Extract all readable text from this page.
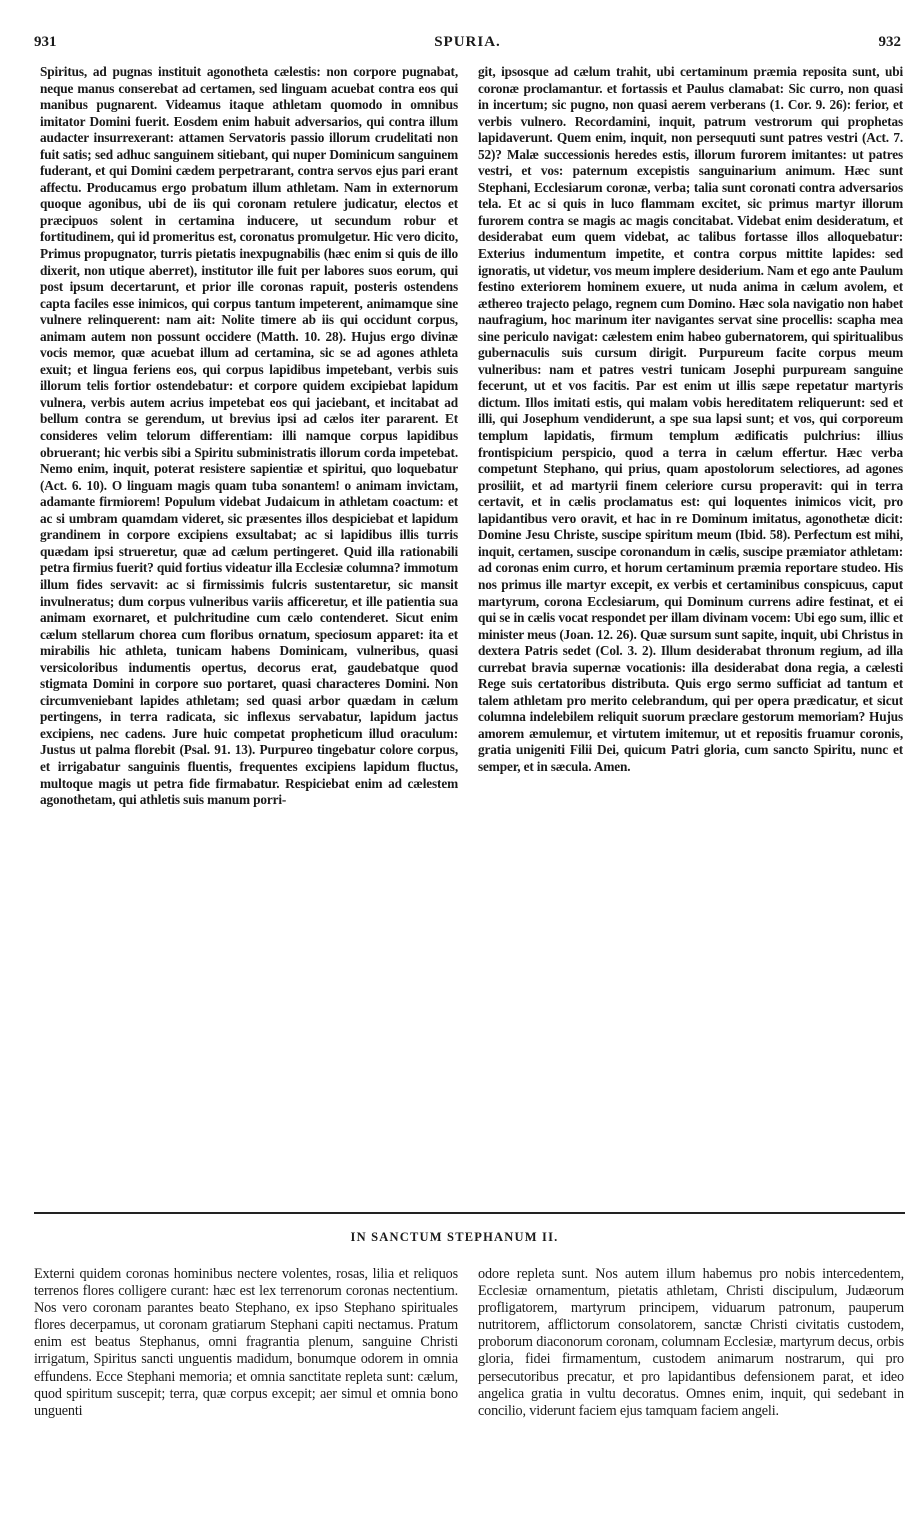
931	SPURIA.	932

Spiritus, ad pugnas instituit agonotheta cælestis: non corpore pugnabat, neque manus conserebat ad certamen, sed linguam acuebat contra eos qui manibus pugnarent. Videamus itaque athletam quomodo in omnibus imitator Domini fuerit. Eosdem enim habuit adversarios, qui contra illum audacter insurrexerant: attamen Servatoris passio illorum crudelitati non fuit satis; sed adhuc sanguinem sitiebant, qui nuper Dominicum sanguinem fuderant, et qui Domini cædem perpetrarant, contra servos ejus pari erant affectu. Producamus ergo probatum illum athletam. Nam in externorum quoque agonibus, ubi de iis qui coronam retulere judicatur, electos et præcipuos solent in certamina inducere, ut secundum robur et fortitudinem, qui id promeritus est, coronatus promulgetur. Hic vero dicito, Primus propugnator, turris pietatis inexpugnabilis (hæc enim si quis de illo dixerit, non utique aberret), institutor ille fuit per labores suos eorum, qui post ipsum decertarunt, et prior ille coronas rapuit, posteris ostendens capta faciles esse inimicos, qui corpus tantum impeterent, animamque sine vulnere relinquerent: nam ait: Nolite timere ab iis qui occidunt corpus, animam autem non possunt occidere (Matth. 10. 28). Hujus ergo divinæ vocis memor, quæ acuebat illum ad certamina, sic se ad agones athleta exuit; et lingua feriens eos, qui corpus lapidibus impetebant, verbis suis illorum telis fortior ostendebatur: et corpore quidem excipiebat lapidum vulnera, verbis autem acrius impetebat eos qui jaciebant, et incitabat ad bellum contra se gerendum, ut brevius ipsi ad cælos iter pararent. Et consideres velim telorum differentiam: illi namque corpus lapidibus obruerant; hic verbis sibi a Spiritu subministratis illorum corda impetebat. Nemo enim, inquit, poterat resistere sapientiæ et spiritui, quo loquebatur (Act. 6. 10). O linguam magis quam tuba sonantem! o animam invictam, adamante firmiorem! Populum videbat Judaicum in athletam coactum: et ac si umbram quamdam videret, sic præsentes illos despiciebat et lapidum grandinem in corpore excipiens exsultabat; ac si lapidibus illis turris quædam ipsi strueretur, quæ ad cælum pertingeret. Quid illa rationabili petra firmius fuerit? quid fortius videatur illa Ecclesiæ columna? immotum illum fides servavit: ac si firmissimis fulcris sustentaretur, sic mansit invulneratus; dum corpus vulneribus variis afficeretur, et ille patientia sua animam exornaret, et pulchritudine cum cælo contenderet. Sicut enim cælum stellarum chorea cum floribus ornatum, speciosum apparet: ita et mirabilis hic athleta, tunicam habens Dominicam, vulneribus, quasi versicoloribus indumentis opertus, decorus erat, gaudebatque quod stigmata Domini in corpore suo portaret, quasi characteres Domini. Non circumveniebant lapides athletam; sed quasi arbor quædam in cælum pertingens, in terra radicata, sic inflexus servabatur, lapidum jactus excipiens, nec cadens. Jure huic competat propheticum illud oraculum: Justus ut palma florebit (Psal. 91. 13). Purpureo tingebatur colore corpus, et irrigabatur sanguinis fluentis, frequentes excipiens lapidum fluctus, multoque magis ut petra fide firmabatur. Respiciebat enim ad cælestem agonothetam, qui athletis suis manum porri-

git, ipsosque ad cælum trahit, ubi certaminum præmia reposita sunt, ubi coronæ proclamantur. et fortassis et Paulus clamabat: Sic curro, non quasi in incertum; sic pugno, non quasi aerem verberans (1. Cor. 9. 26): ferior, et verbis vulnero. Recordamini, inquit, patrum vestrorum qui prophetas lapidaverunt. Quem enim, inquit, non persequuti sunt patres vestri (Act. 7. 52)? Malæ successionis heredes estis, illorum furorem imitantes: ut patres vestri, et vos: paternum excepistis sanguinarium animum. Hæc sunt Stephani, Ecclesiarum coronæ, verba; talia sunt coronati contra adversarios tela. Et ac si quis in luco flammam excitet, sic primus martyr illorum furorem contra se magis ac magis concitabat. Videbat enim desideratum, et desiderabat eum quem videbat, ac talibus fortasse illos alloquebatur: Exterius indumentum impetite, et contra corpus mittite lapides: sed ignoratis, ut videtur, vos meum implere desiderium. Nam et ego ante Paulum festino exteriorem hominem exuere, ut nuda anima in cælum avolem, et æthereo trajecto pelago, regnem cum Domino. Hæc sola navigatio non habet naufragium, hoc marinum iter navigantes servat sine procellis: scapha mea sine periculo navigat: cælestem enim habeo gubernatorem, qui spiritualibus gubernaculis suis cursum dirigit. Purpureum facite corpus meum vulneribus: nam et patres vestri tunicam Josephi purpuream sanguine fecerunt, ut et vos facitis. Par est enim ut illis sæpe repetatur martyris dictum. Illos imitati estis, qui malam vobis hereditatem reliquerunt: sed et illi, qui Josephum vendiderunt, a spe sua lapsi sunt; et vos, qui corporeum templum lapidatis, firmum templum ædificatis pulchrius: illius frontispicium perspicio, quod a terra in cælum effertur. Hæc verba competunt Stephano, qui prius, quam apostolorum selectiores, ad agones prosiliit, et ad martyrii finem celeriore cursu properavit: qui in terra certavit, et in cælis proclamatus est: qui loquentes inimicos vicit, pro lapidantibus vero oravit, et hac in re Dominum imitatus, agonothetæ dicit: Domine Jesu Christe, suscipe spiritum meum (Ibid. 58). Perfectum est mihi, inquit, certamen, suscipe coronandum in cælis, suscipe præmiator athletam: ad coronas enim curro, et horum certaminum præmia reportare studeo. His nos primus ille martyr excepit, ex verbis et certaminibus conspicuus, caput martyrum, corona Ecclesiarum, qui Dominum currens adire festinat, et ei qui se in cælis vocat respondet per illam divinam vocem: Ubi ego sum, illic et minister meus (Joan. 12. 26). Quæ sursum sunt sapite, inquit, ubi Christus in dextera Patris sedet (Col. 3. 2). Illum desiderabat thronum regium, ad illa currebat bravia supernæ vocationis: illa desiderabat dona regia, a cælesti Rege suis certatoribus distributa. Quis ergo sermo sufficiat ad tantum et talem athletam pro merito celebrandum, qui per opera prædicatur, et sicut columna indelebilem reliquit suorum præclare gestorum memoriam? Hujus amorem æmulemur, et virtutem imitemur, ut et repositis fruamur coronis, gratia unigeniti Filii Dei, quicum Patri gloria, cum sancto Spiritu, nunc et semper, et in sæcula. Amen.

IN SANCTUM STEPHANUM II.

Externi quidem coronas hominibus nectere volentes, rosas, lilia et reliquos terrenos flores colligere curant: hæc est lex terrenorum coronas nectentium. Nos vero coronam parantes beato Stephano, ex ipso Stephano spirituales flores decerpamus, ut coronam gratiarum Stephani capiti nectamus. Pratum enim est beatus Stephanus, omni fragrantia plenum, sanguine Christi irrigatum, Spiritus sancti unguentis madidum, bonumque odorem in omnia effundens. Ecce Stephani memoria; et omnia sanctitate repleta sunt: cælum, quod spiritum suscepit; terra, quæ corpus excepit; aer simul et omnia bono unguenti

odore repleta sunt. Nos autem illum habemus pro nobis intercedentem, Ecclesiæ ornamentum, pietatis athletam, Christi discipulum, Judæorum profligatorem, martyrum principem, viduarum patronum, pauperum nutritorem, afflictorum consolatorem, sanctæ Christi civitatis custodem, proborum diaconorum coronam, columnam Ecclesiæ, martyrum decus, orbis gloria, fidei firmamentum, custodem animarum nostrarum, qui pro persecutoribus precatur, et pro lapidantibus defensionem parat, et ideo angelica gratia in vultu decoratus. Omnes enim, inquit, qui sedebant in concilio, viderunt faciem ejus tamquam faciem angeli.
